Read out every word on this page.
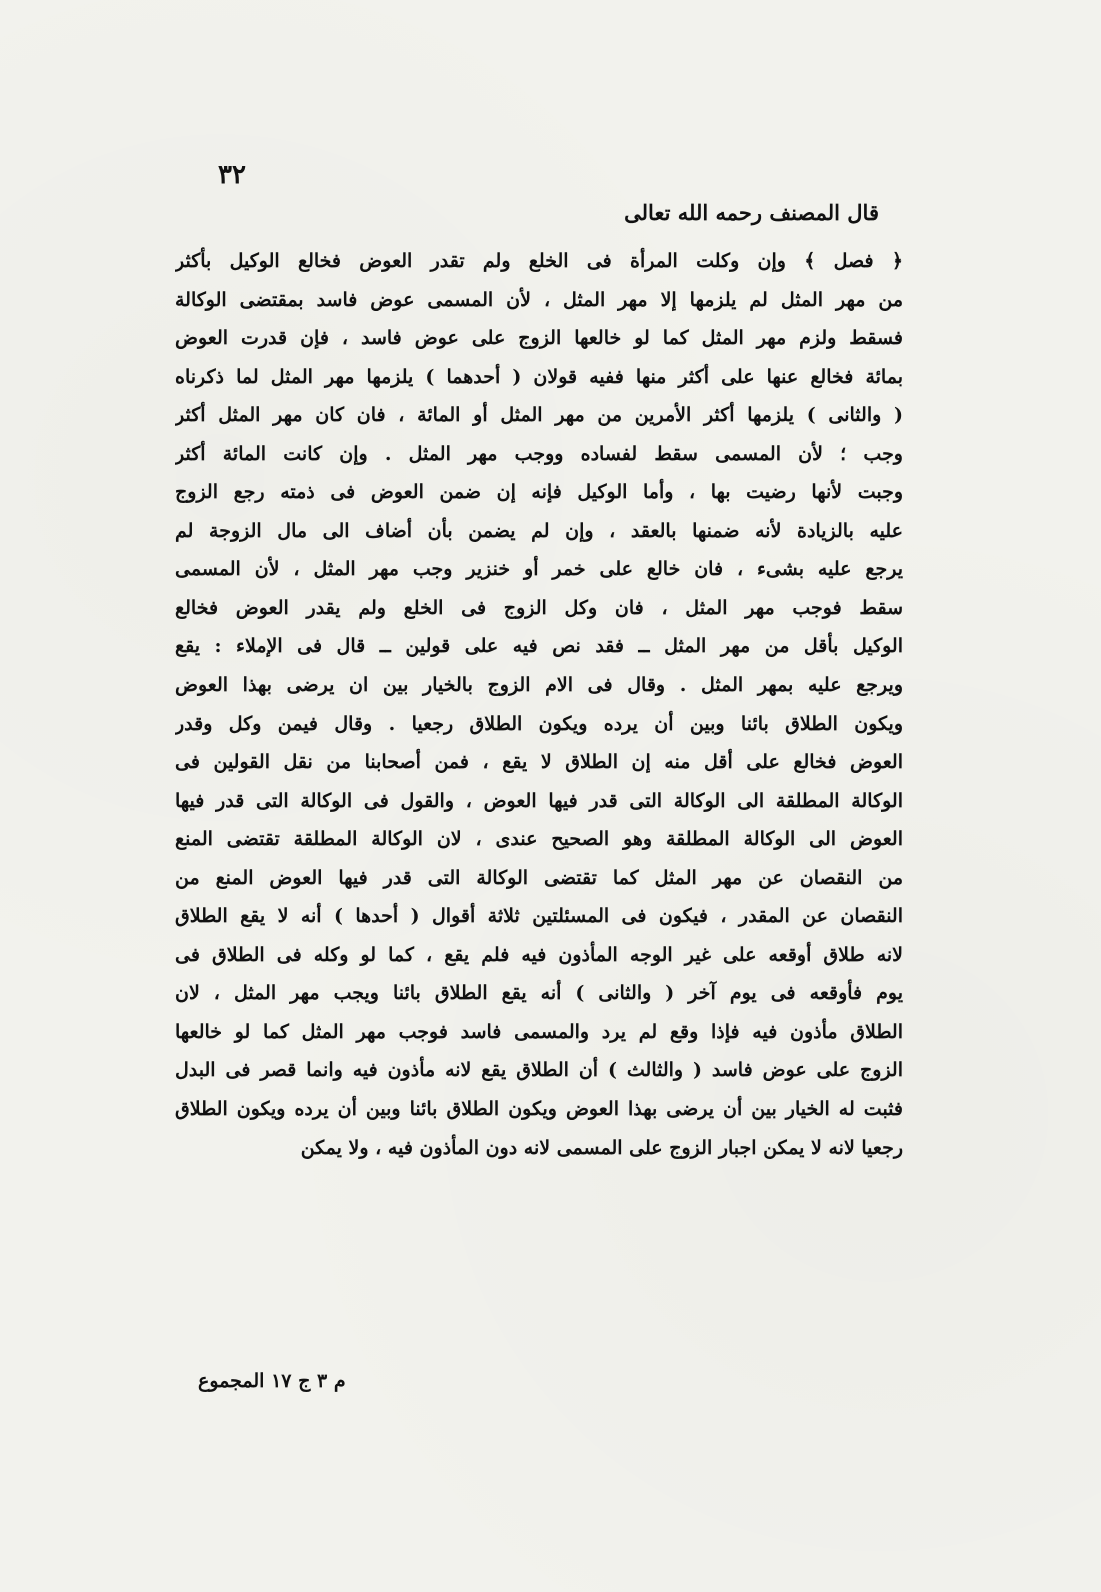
٣٢
قال المصنف رحمه الله تعالى
﴿ فصل ﴾ وإن وكلت المرأة فى الخلع ولم تقدر العوض فخالع الوكيل بأكثر
من مهر المثل لم يلزمها إلا مهر المثل ، لأن المسمى عوض فاسد بمقتضى الوكالة
فسقط ولزم مهر المثل كما لو خالعها الزوج على عوض فاسد ، فإن قدرت العوض
بمائة فخالع عنها على أكثر منها ففيه قولان ( أحدهما ) يلزمها مهر المثل لما ذكرناه
( والثانى ) يلزمها أكثر الأمرين من مهر المثل أو المائة ، فان كان مهر المثل أكثر
وجب ؛ لأن المسمى سقط لفساده ووجب مهر المثل . وإن كانت المائة أكثر
وجبت لأنها رضيت بها ، وأما الوكيل فإنه إن ضمن العوض فى ذمته رجع الزوج
عليه بالزيادة لأنه ضمنها بالعقد ، وإن لم يضمن بأن أضاف الى مال الزوجة لم
يرجع عليه بشىء ، فان خالع على خمر أو خنزير وجب مهر المثل ، لأن المسمى
سقط فوجب مهر المثل ، فان وكل الزوج فى الخلع ولم يقدر العوض فخالع
الوكيل بأقل من مهر المثل ــ فقد نص فيه على قولين ــ قال فى الإملاء : يقع
ويرجع عليه بمهر المثل . وقال فى الام الزوج بالخيار بين ان يرضى بهذا العوض
ويكون الطلاق بائنا وبين أن يرده ويكون الطلاق رجعيا . وقال فيمن وكل وقدر
العوض فخالع على أقل منه إن الطلاق لا يقع ، فمن أصحابنا من نقل القولين فى
الوكالة المطلقة الى الوكالة التى قدر فيها العوض ، والقول فى الوكالة التى قدر فيها
العوض الى الوكالة المطلقة وهو الصحيح عندى ، لان الوكالة المطلقة تقتضى المنع
من النقصان عن مهر المثل كما تقتضى الوكالة التى قدر فيها العوض المنع من
النقصان عن المقدر ، فيكون فى المسئلتين ثلاثة أقوال ( أحدها ) أنه لا يقع الطلاق
لانه طلاق أوقعه على غير الوجه المأذون فيه فلم يقع ، كما لو وكله فى الطلاق فى
يوم فأوقعه فى يوم آخر ( والثانى ) أنه يقع الطلاق بائنا ويجب مهر المثل ، لان
الطلاق مأذون فيه فإذا وقع لم يرد والمسمى فاسد فوجب مهر المثل كما لو خالعها
الزوج على عوض فاسد ( والثالث ) أن الطلاق يقع لانه مأذون فيه وانما قصر فى البدل
فثبت له الخيار بين أن يرضى بهذا العوض ويكون الطلاق بائنا وبين أن يرده ويكون الطلاق
رجعيا لانه لا يمكن اجبار الزوج على المسمى لانه دون المأذون فيه ، ولا يمكن
م ٣ ج ١٧ المجموع
